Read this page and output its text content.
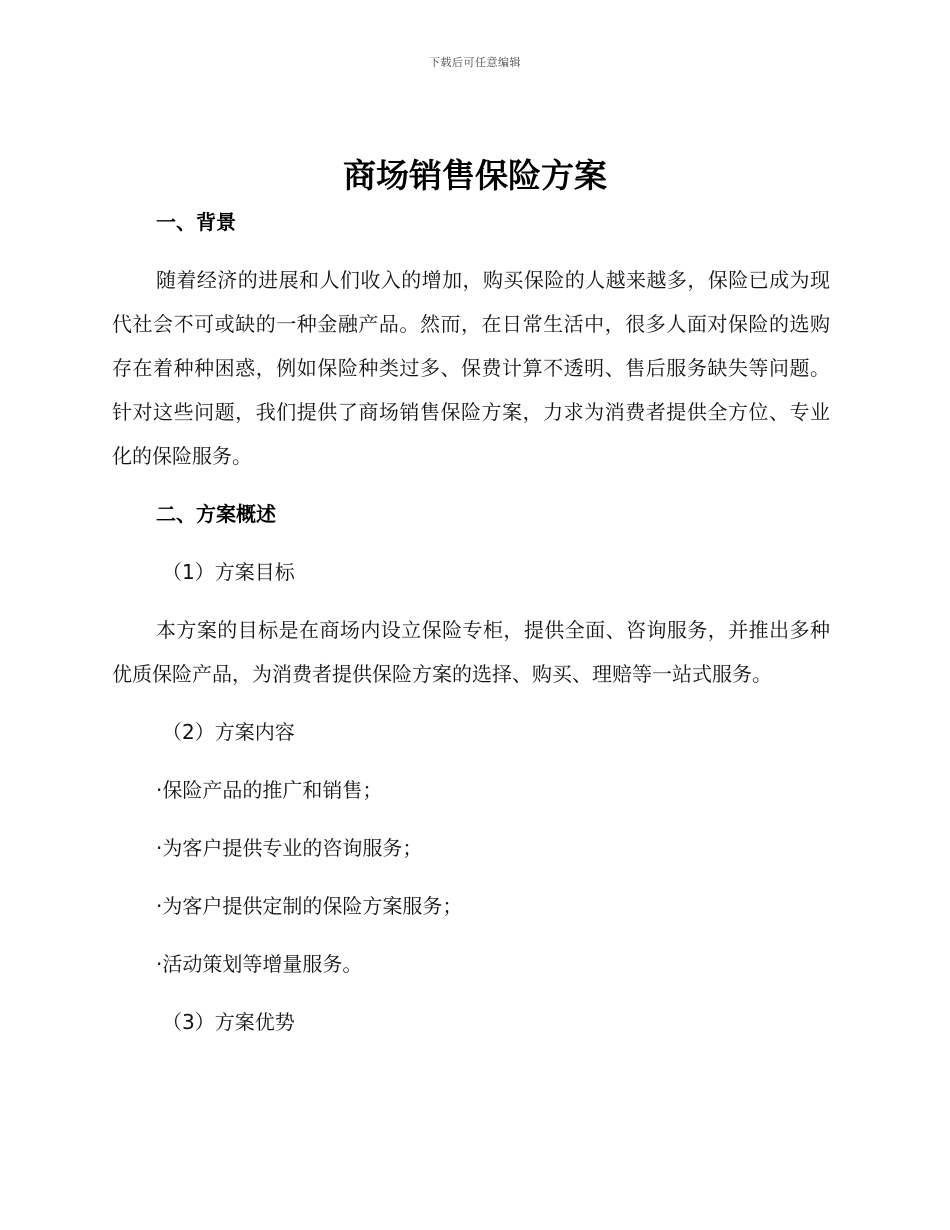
下载后可任意编辑
商场销售保险方案
一、背景

随着经济的进展和人们收入的增加，购买保险的人越来越多，保险已成为现代社会不可或缺的一种金融产品。然而，在日常生活中，很多人面对保险的选购存在着种种困惑，例如保险种类过多、保费计算不透明、售后服务缺失等问题。针对这些问题，我们提供了商场销售保险方案，力求为消费者提供全方位、专业化的保险服务。

二、方案概述

（1）方案目标

本方案的目标是在商场内设立保险专柜，提供全面、咨询服务，并推出多种优质保险产品，为消费者提供保险方案的选择、购买、理赔等一站式服务。

（2）方案内容

·保险产品的推广和销售；

·为客户提供专业的咨询服务；

·为客户提供定制的保险方案服务；

·活动策划等增量服务。

（3）方案优势
